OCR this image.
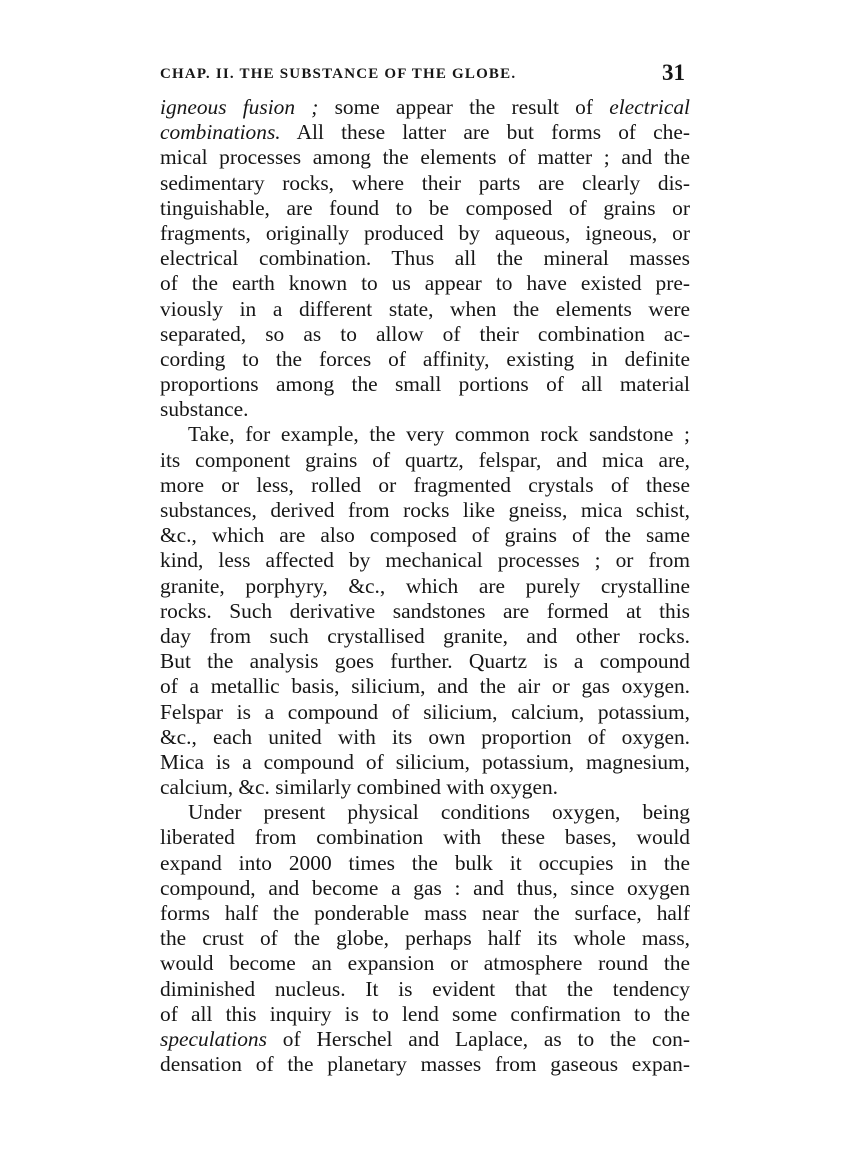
CHAP. II. THE SUBSTANCE OF THE GLOBE.	31
igneous fusion ; some appear the result of electrical
combinations. All these latter are but forms of che-
mical processes among the elements of matter ; and the
sedimentary rocks, where their parts are clearly dis-
tinguishable, are found to be composed of grains or
fragments, originally produced by aqueous, igneous, or
electrical combination. Thus all the mineral masses
of the earth known to us appear to have existed pre-
viously in a different state, when the elements were
separated, so as to allow of their combination ac-
cording to the forces of affinity, existing in definite
proportions among the small portions of all material
substance.
Take, for example, the very common rock sandstone ;
its component grains of quartz, felspar, and mica are,
more or less, rolled or fragmented crystals of these
substances, derived from rocks like gneiss, mica schist,
&c., which are also composed of grains of the same
kind, less affected by mechanical processes ; or from
granite, porphyry, &c., which are purely crystalline
rocks. Such derivative sandstones are formed at this
day from such crystallised granite, and other rocks.
But the analysis goes further. Quartz is a compound
of a metallic basis, silicium, and the air or gas oxygen.
Felspar is a compound of silicium, calcium, potassium,
&c., each united with its own proportion of oxygen.
Mica is a compound of silicium, potassium, magnesium,
calcium, &c. similarly combined with oxygen.
Under present physical conditions oxygen, being
liberated from combination with these bases, would
expand into 2000 times the bulk it occupies in the
compound, and become a gas : and thus, since oxygen
forms half the ponderable mass near the surface, half
the crust of the globe, perhaps half its whole mass,
would become an expansion or atmosphere round the
diminished nucleus. It is evident that the tendency
of all this inquiry is to lend some confirmation to the
speculations of Herschel and Laplace, as to the con-
densation of the planetary masses from gaseous expan-
